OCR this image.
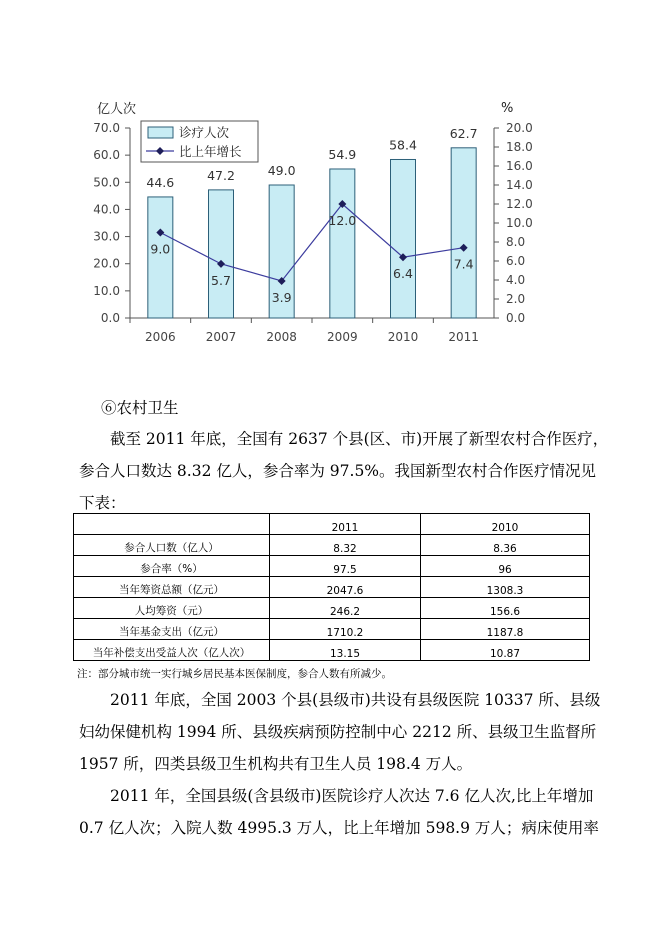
0.0
10.0
20.0
30.0
40.0
50.0
60.0
70.0
0.0
2.0
4.0
6.0
8.0
10.0
12.0
14.0
16.0
18.0
20.0
亿人次	%
2006	2007	2008	2009	2010	2011
44.6	47.2	49.0
54.9
58.4
62.7
9.0
5.7
3.9
12.0
6.4
7.4
诊疗人次
比上年增长
⑥农村卫生
截至 2011 年底，全国有 2637 个县(区、市)开展了新型农村合作医疗，
参合人口数达 8.32 亿人，参合率为 97.5%。我国新型农村合作医疗情况见
下表：
	2011	2010
参合人口数（亿人）	8.32	8.36
参合率（%）	97.5	96
当年筹资总额（亿元）	2047.6	1308.3
人均筹资（元）	246.2	156.6
当年基金支出（亿元）	1710.2	1187.8
当年补偿支出受益人次（亿人次）	13.15	10.87
注：部分城市统一实行城乡居民基本医保制度，参合人数有所减少。
2011 年底，全国 2003 个县(县级市)共设有县级医院 10337 所、县级
妇幼保健机构 1994 所、县级疾病预防控制中心 2212 所、县级卫生监督所
1957 所，四类县级卫生机构共有卫生人员 198.4 万人。
2011 年，全国县级(含县级市)医院诊疗人次达 7.6 亿人次,比上年增加
0.7 亿人次；入院人数 4995.3 万人，比上年增加 598.9 万人；病床使用率
